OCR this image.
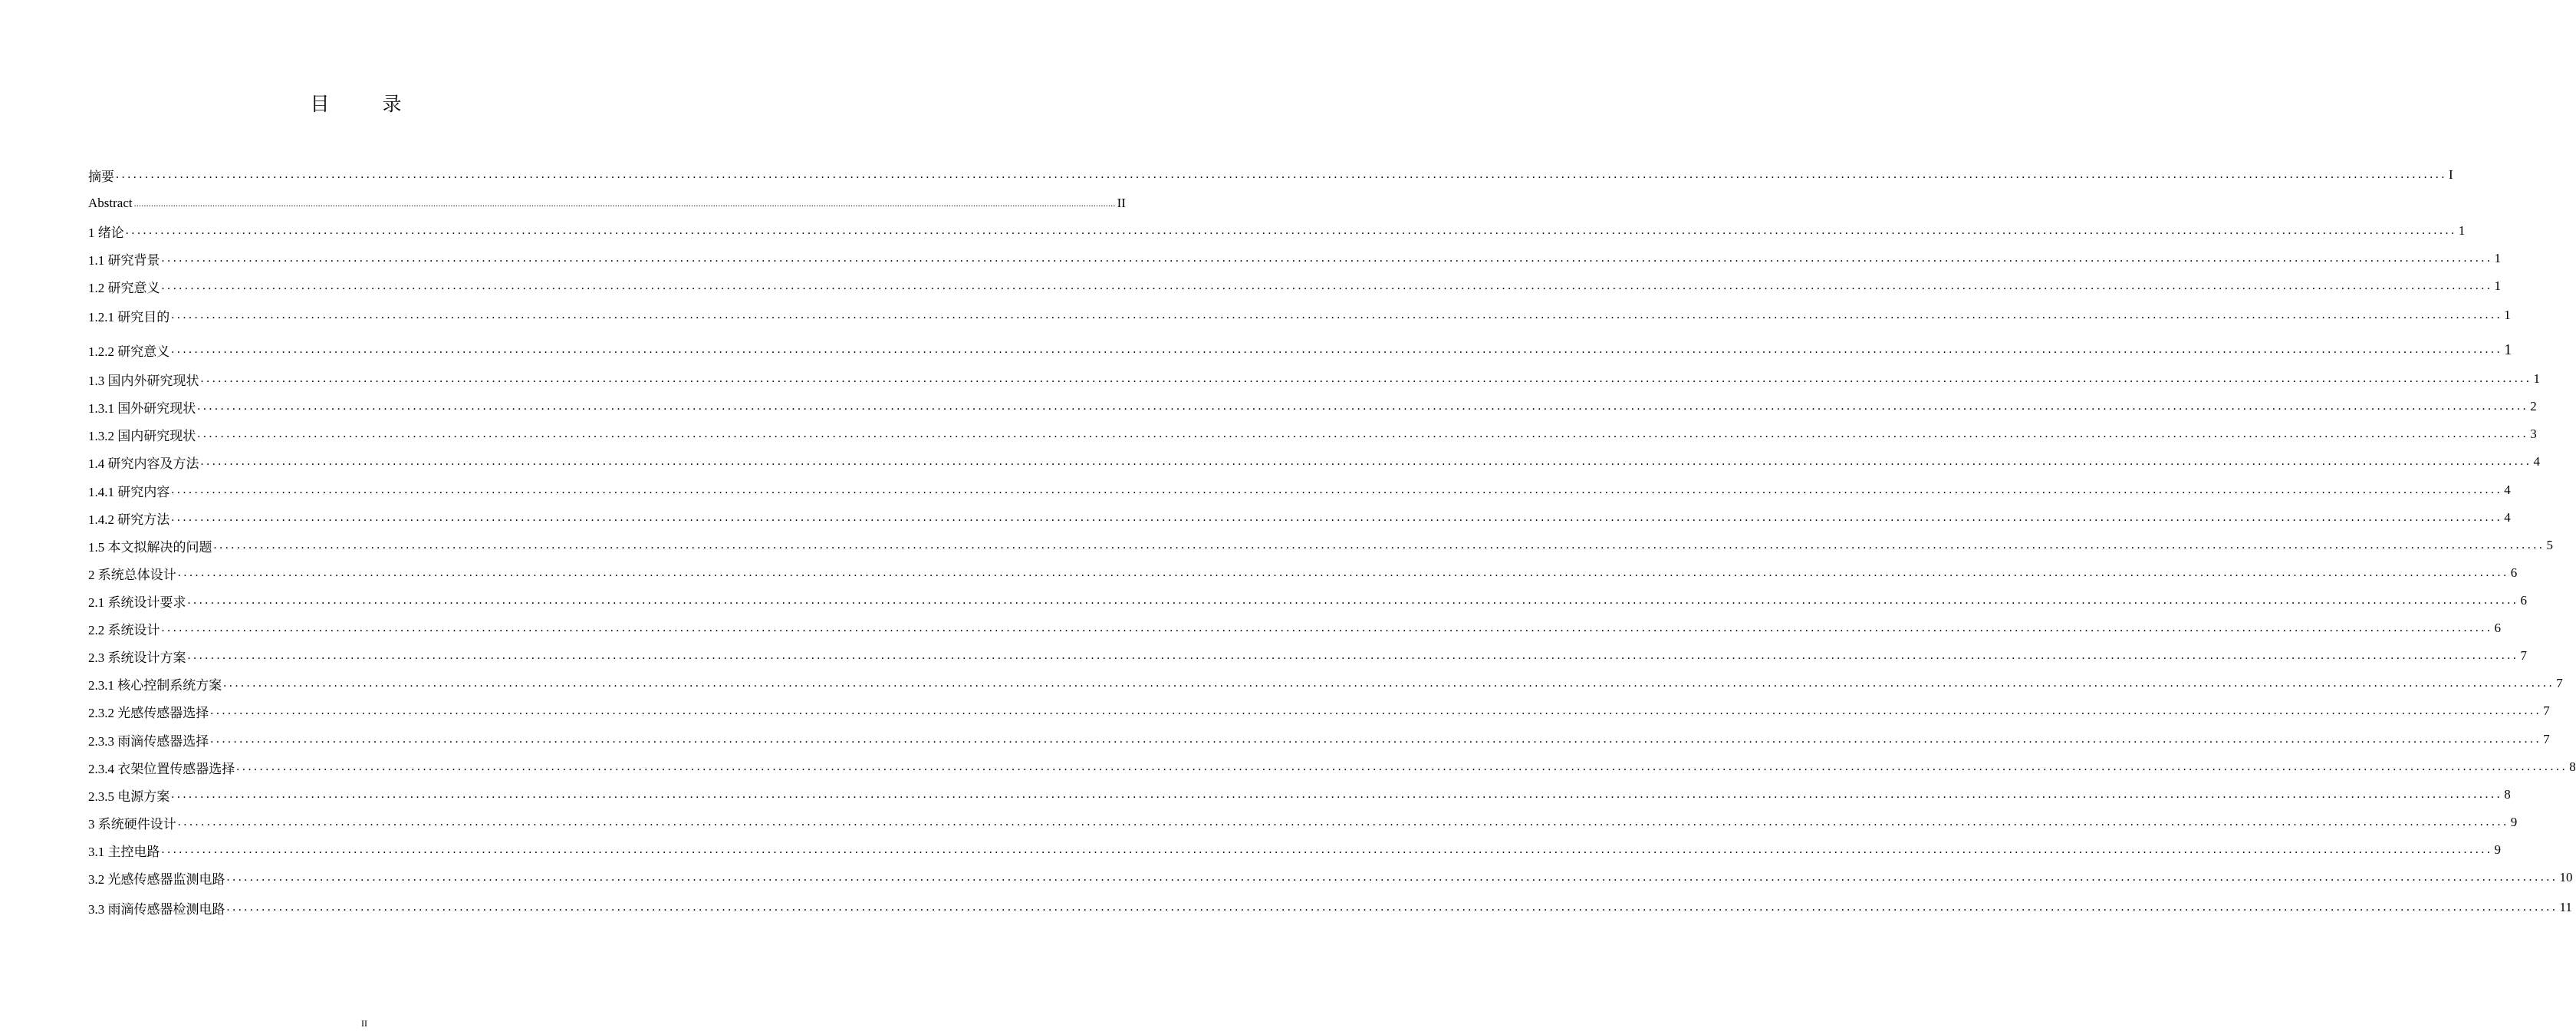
目　录
摘要 ................................................................................................................................................................................................................................................................................................................................................................................................................ I
Abstract ................................................................................................................................................................................................................................................................................................................................................................................................................ II
1 绪论 ................................................................................................................................................................................................................................................................................................................................................................................................................ 1
1.1 研究背景 ................................................................................................................................................................................................................................................................................................................................................................................................................ 1
1.2 研究意义 ................................................................................................................................................................................................................................................................................................................................................................................................................ 1
1.2.1 研究目的 ................................................................................................................................................................................................................................................................................................................................................................................................................ 1
1.2.2 研究意义 ................................................................................................................................................................................................................................................................................................................................................................................................................ 1
1.3 国内外研究现状 ................................................................................................................................................................................................................................................................................................................................................................................................................ 1
1.3.1 国外研究现状 ................................................................................................................................................................................................................................................................................................................................................................................................................ 2
1.3.2 国内研究现状 ................................................................................................................................................................................................................................................................................................................................................................................................................ 3
1.4 研究内容及方法 ................................................................................................................................................................................................................................................................................................................................................................................................................ 4
1.4.1 研究内容 ................................................................................................................................................................................................................................................................................................................................................................................................................ 4
1.4.2 研究方法 ................................................................................................................................................................................................................................................................................................................................................................................................................ 4
1.5 本文拟解决的问题 ................................................................................................................................................................................................................................................................................................................................................................................................................ 5
2 系统总体设计 ................................................................................................................................................................................................................................................................................................................................................................................................................ 6
2.1 系统设计要求 ................................................................................................................................................................................................................................................................................................................................................................................................................ 6
2.2 系统设计 ................................................................................................................................................................................................................................................................................................................................................................................................................ 6
2.3 系统设计方案 ................................................................................................................................................................................................................................................................................................................................................................................................................ 7
2.3.1 核心控制系统方案 ................................................................................................................................................................................................................................................................................................................................................................................................................ 7
2.3.2 光感传感器选择 ................................................................................................................................................................................................................................................................................................................................................................................................................ 7
2.3.3 雨滴传感器选择 ................................................................................................................................................................................................................................................................................................................................................................................................................ 7
2.3.4 衣架位置传感器选择 ................................................................................................................................................................................................................................................................................................................................................................................................................ 8
2.3.5 电源方案 ................................................................................................................................................................................................................................................................................................................................................................................................................ 8
3 系统硬件设计 ................................................................................................................................................................................................................................................................................................................................................................................................................ 9
3.1 主控电路 ................................................................................................................................................................................................................................................................................................................................................................................................................ 9
3.2 光感传感器监测电路 ................................................................................................................................................................................................................................................................................................................................................................................................................ 10
3.3 雨滴传感器检测电路 ................................................................................................................................................................................................................................................................................................................................................................................................................ 11
II
